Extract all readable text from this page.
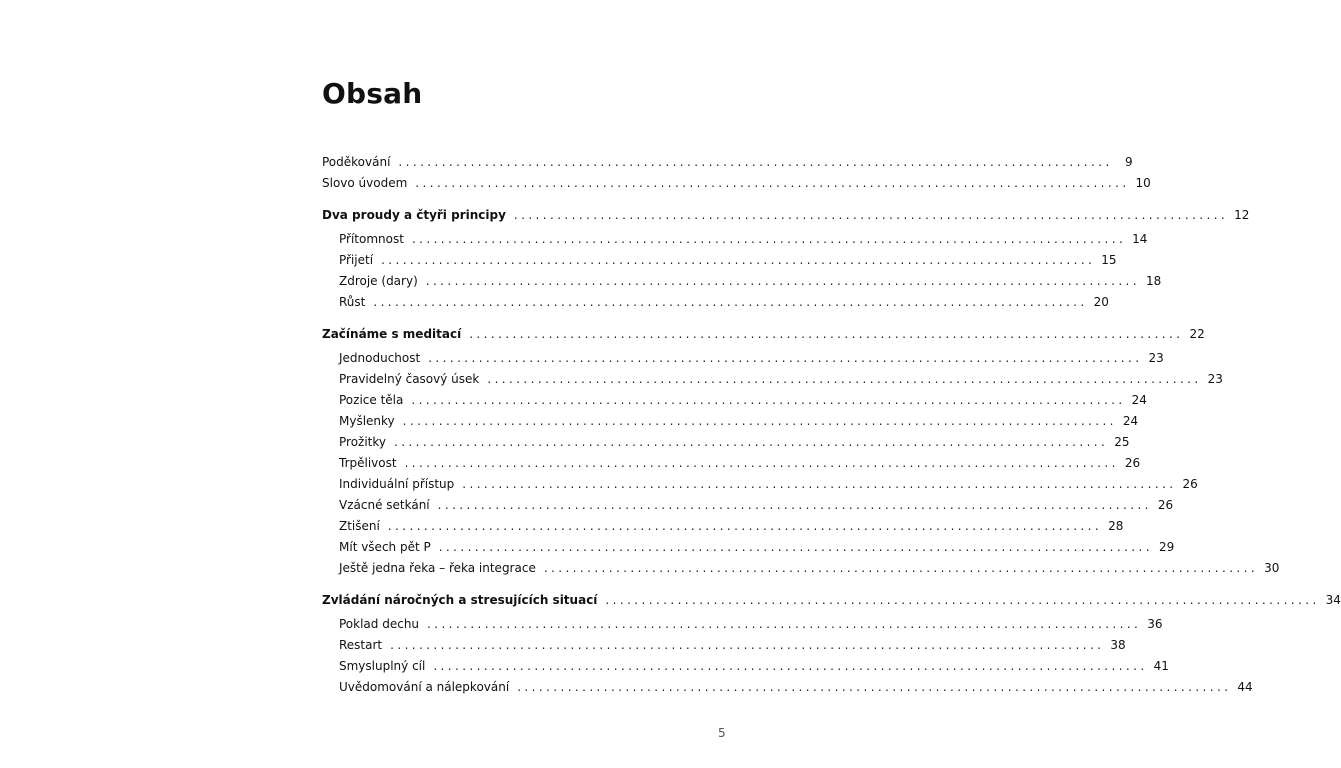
Obsah
Poděkování ...................................................................................................	9
Slovo úvodem ................................................................................................... 10
Dva proudy a čtyři principy ................................................................................................... 12
Přítomnost ................................................................................................... 14
Přijetí ................................................................................................... 15
Zdroje (dary) ................................................................................................... 18
Růst ................................................................................................... 20
Začínáme s meditací ................................................................................................... 22
Jednoduchost ................................................................................................... 23
Pravidelný časový úsek ................................................................................................... 23
Pozice těla ................................................................................................... 24
Myšlenky ................................................................................................... 24
Prožitky ................................................................................................... 25
Trpělivost ................................................................................................... 26
Individuální přístup ................................................................................................... 26
Vzácné setkání ................................................................................................... 26
Ztišení ................................................................................................... 28
Mít všech pět P ................................................................................................... 29
Ještě jedna řeka – řeka integrace ................................................................................................... 30
Zvládání náročných a stresujících situací ................................................................................................... 34
Poklad dechu ................................................................................................... 36
Restart ................................................................................................... 38
Smysluplný cíl ................................................................................................... 41
Uvědomování a nálepkování ................................................................................................... 44
5
